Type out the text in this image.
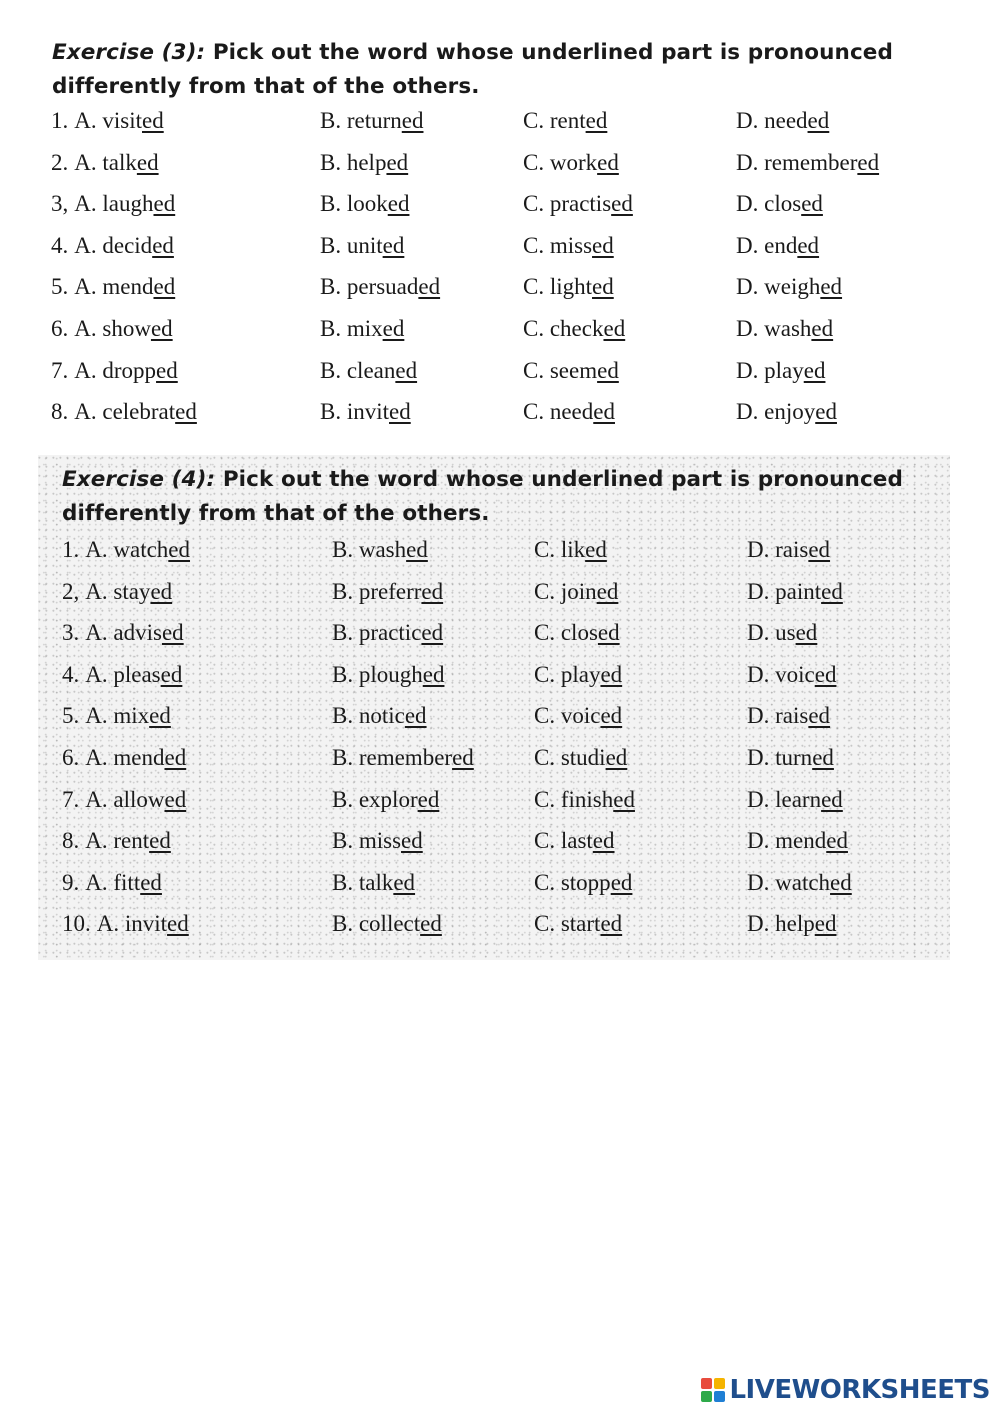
Exercise (3): Pick out the word whose underlined part is pronounced differently from that of the others.
1. A. visited	B. returned	C. rented	D. needed
2. A. talked	B. helped	C. worked	D. remembered
3, A. laughed	B. looked	C. practised	D. closed
4. A. decided	B. united	C. missed	D. ended
5. A. mended	B. persuaded	C. lighted	D. weighed
6. A. showed	B. mixed	C. checked	D. washed
7. A. dropped	B. cleaned	C. seemed	D. played
8. A. celebrated	B. invited	C. needed	D. enjoyed
Exercise (4): Pick out the word whose underlined part is pronounced differently from that of the others.
1. A. watched	B. washed	C. liked	D. raised
2, A. stayed	B. preferred	C. joined	D. painted
3. A. advised	B. practiced	C. closed	D. used
4. A. pleased	B. ploughed	C. played	D. voiced
5. A. mixed	B. noticed	C. voiced	D. raised
6. A. mended	B. remembered	C. studied	D. turned
7. A. allowed	B. explored	C. finished	D. learned
8. A. rented	B. missed	C. lasted	D. mended
9. A. fitted	B. talked	C. stopped	D. watched
10. A. invited	B. collected	C. started	D. helped
LIVEWORKSHEETS
